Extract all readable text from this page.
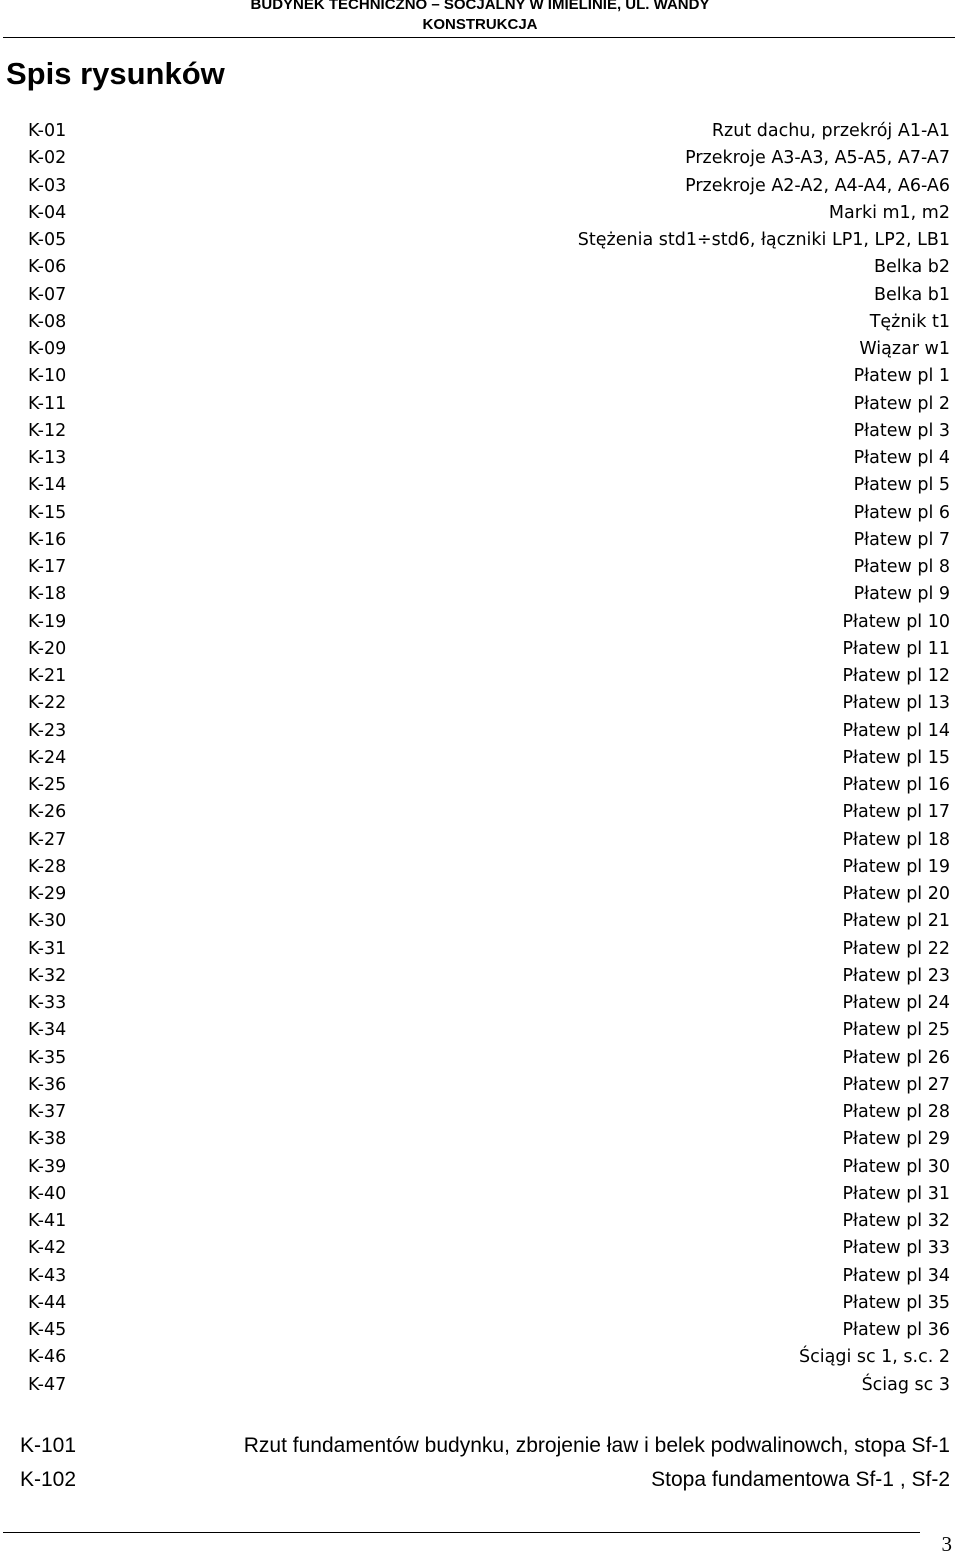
BUDYNEK TECHNICZNO – SOCJALNY W IMIELINIE, UL. WANDY
KONSTRUKCJA
Spis rysunków
K-01	Rzut dachu, przekrój A1-A1
K-02	Przekroje A3-A3, A5-A5, A7-A7
K-03	Przekroje A2-A2, A4-A4, A6-A6
K-04	Marki m1, m2
K-05	Stężenia std1÷std6, łączniki LP1, LP2, LB1
K-06	Belka b2
K-07	Belka b1
K-08	Tężnik t1
K-09	Wiązar w1
K-10	Płatew pl 1
K-11	Płatew pl 2
K-12	Płatew pl 3
K-13	Płatew pl 4
K-14	Płatew pl 5
K-15	Płatew pl 6
K-16	Płatew pl 7
K-17	Płatew pl 8
K-18	Płatew pl 9
K-19	Płatew pl 10
K-20	Płatew pl 11
K-21	Płatew pl 12
K-22	Płatew pl 13
K-23	Płatew pl 14
K-24	Płatew pl 15
K-25	Płatew pl 16
K-26	Płatew pl 17
K-27	Płatew pl 18
K-28	Płatew pl 19
K-29	Płatew pl 20
K-30	Płatew pl 21
K-31	Płatew pl 22
K-32	Płatew pl 23
K-33	Płatew pl 24
K-34	Płatew pl 25
K-35	Płatew pl 26
K-36	Płatew pl 27
K-37	Płatew pl 28
K-38	Płatew pl 29
K-39	Płatew pl 30
K-40	Płatew pl 31
K-41	Płatew pl 32
K-42	Płatew pl 33
K-43	Płatew pl 34
K-44	Płatew pl 35
K-45	Płatew pl 36
K-46	Ściągi sc 1, s.c. 2
K-47	Ściag sc 3
K-101	Rzut fundamentów budynku, zbrojenie ław i belek podwalinowch, stopa Sf-1
K-102	Stopa fundamentowa Sf-1 , Sf-2
3
